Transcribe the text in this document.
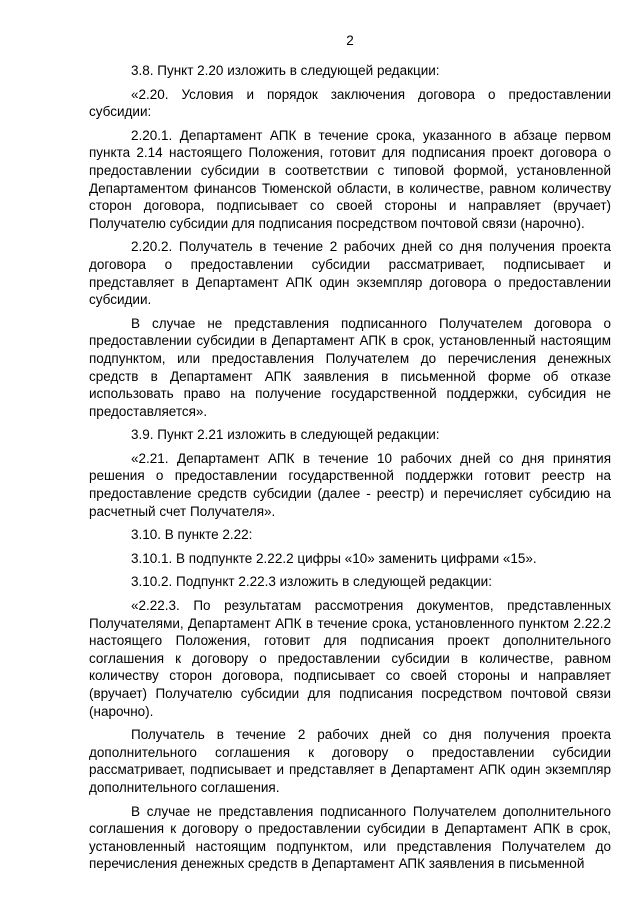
2

3.8. Пункт 2.20 изложить в следующей редакции:

«2.20. Условия и порядок заключения договора о предоставлении субсидии:

2.20.1. Департамент АПК в течение срока, указанного в абзаце первом пункта 2.14 настоящего Положения, готовит для подписания проект договора о предоставлении субсидии в соответствии с типовой формой, установленной Департаментом финансов Тюменской области, в количестве, равном количеству сторон договора, подписывает со своей стороны и направляет (вручает) Получателю субсидии для подписания посредством почтовой связи (нарочно).

2.20.2. Получатель в течение 2 рабочих дней со дня получения проекта договора о предоставлении субсидии рассматривает, подписывает и представляет в Департамент АПК один экземпляр договора о предоставлении субсидии.

В случае не представления подписанного Получателем договора о предоставлении субсидии в Департамент АПК в срок, установленный настоящим подпунктом, или предоставления Получателем до перечисления денежных средств в Департамент АПК заявления в письменной форме об отказе использовать право на получение государственной поддержки, субсидия не предоставляется».

3.9. Пункт 2.21 изложить в следующей редакции:

«2.21. Департамент АПК в течение 10 рабочих дней со дня принятия решения о предоставлении государственной поддержки готовит реестр на предоставление средств субсидии (далее - реестр) и перечисляет субсидию на расчетный счет Получателя».

3.10. В пункте 2.22:

3.10.1. В подпункте 2.22.2 цифры «10» заменить цифрами «15».

3.10.2. Подпункт 2.22.3 изложить в следующей редакции:

«2.22.3. По результатам рассмотрения документов, представленных Получателями, Департамент АПК в течение срока, установленного пунктом 2.22.2 настоящего Положения, готовит для подписания проект дополнительного соглашения к договору о предоставлении субсидии в количестве, равном количеству сторон договора, подписывает со своей стороны и направляет (вручает) Получателю субсидии для подписания посредством почтовой связи (нарочно).

Получатель в течение 2 рабочих дней со дня получения проекта дополнительного соглашения к договору о предоставлении субсидии рассматривает, подписывает и представляет в Департамент АПК один экземпляр дополнительного соглашения.

В случае не представления подписанного Получателем дополнительного соглашения к договору о предоставлении субсидии в Департамент АПК в срок, установленный настоящим подпунктом, или представления Получателем до перечисления денежных средств в Департамент АПК заявления в письменной
